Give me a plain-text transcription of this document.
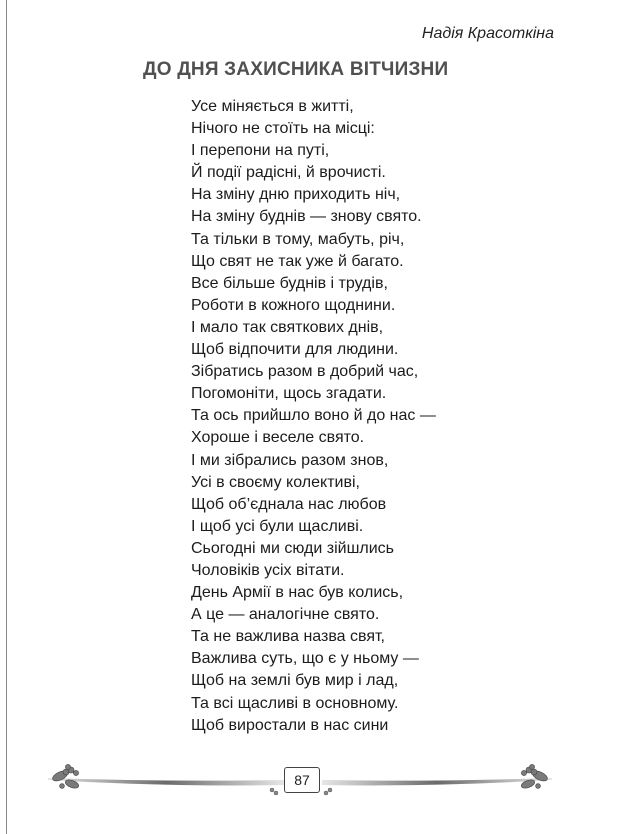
Надія Красоткіна
ДО ДНЯ ЗАХИСНИКА ВІТЧИЗНИ
Усе міняється в житті,
Нічого не стоїть на місці:
І перепони на путі,
Й події радісні, й врочисті.
На зміну дню приходить ніч,
На зміну буднів — знову свято.
Та тільки в тому, мабуть, річ,
Що свят не так уже й багато.
Все більше буднів і трудів,
Роботи в кожного щоднини.
І мало так святкових днів,
Щоб відпочити для людини.
Зібратись разом в добрий час,
Погомоніти, щось згадати.
Та ось прийшло воно й до нас —
Хороше і веселе свято.
І ми зібрались разом знов,
Усі в своєму колективі,
Щоб об’єднала нас любов
І щоб усі були щасливі.
Сьогодні ми сюди зійшлись
Чоловіків усіх вітати.
День Армії в нас був колись,
А це — аналогічне свято.
Та не важлива назва свят,
Важлива суть, що є у ньому —
Щоб на землі був мир і лад,
Та всі щасливі в основному.
Щоб виростали в нас сини
87
